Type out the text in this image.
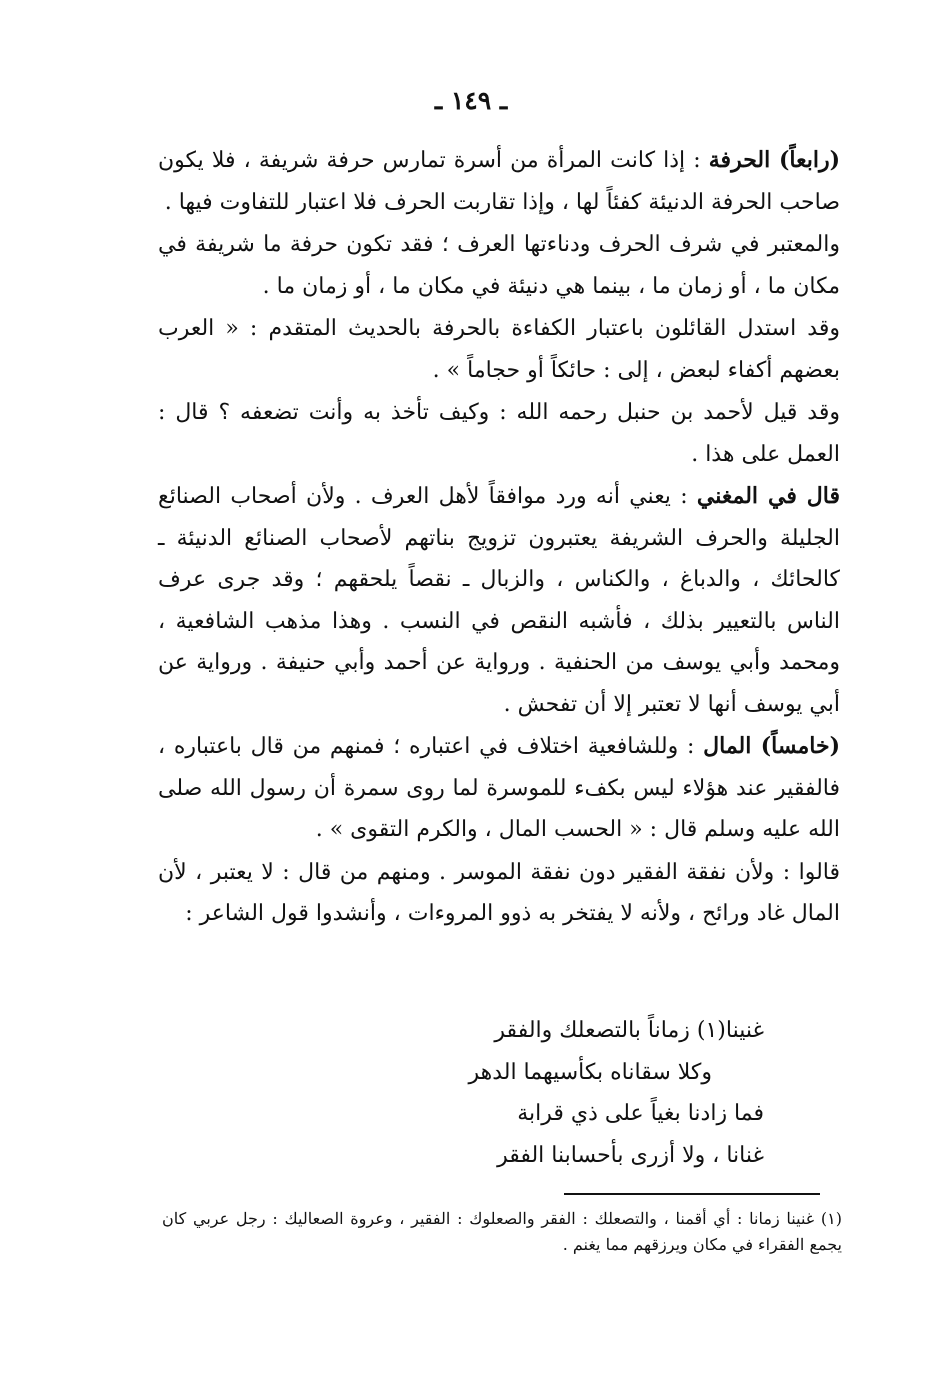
ـ ١٤٩ ـ

(رابعاً) الحرفة : إذا كانت المرأة من أسرة تمارس حرفة شريفة ، فلا يكون صاحب الحرفة الدنيئة كفئاً لها ، وإذا تقاربت الحرف فلا اعتبار للتفاوت فيها .

والمعتبر في شرف الحرف ودناءتها العرف ؛ فقد تكون حرفة ما شريفة في مكان ما ، أو زمان ما ، بينما هي دنيئة في مكان ما ، أو زمان ما .

وقد استدل القائلون باعتبار الكفاءة بالحرفة بالحديث المتقدم : « العرب بعضهم أكفاء لبعض ، إلى : حائكاً أو حجاماً » .

وقد قيل لأحمد بن حنبل رحمه الله : وكيف تأخذ به وأنت تضعفه ؟ قال : العمل على هذا .

قال في المغني : يعني أنه ورد موافقاً لأهل العرف . ولأن أصحاب الصنائع الجليلة والحرف الشريفة يعتبرون تزويج بناتهم لأصحاب الصنائع الدنيئة ـ كالحائك ، والدباغ ، والكناس ، والزبال ـ نقصاً يلحقهم ؛ وقد جرى عرف الناس بالتعيير بذلك ، فأشبه النقص في النسب . وهذا مذهب الشافعية ، ومحمد وأبي يوسف من الحنفية . ورواية عن أحمد وأبي حنيفة . ورواية عن أبي يوسف أنها لا تعتبر إلا أن تفحش .

(خامساً) المال : وللشافعية اختلاف في اعتباره ؛ فمنهم من قال باعتباره ، فالفقير عند هؤلاء ليس بكفء للموسرة لما روى سمرة أن رسول الله صلى الله عليه وسلم قال : « الحسب المال ، والكرم التقوى » .

قالوا : ولأن نفقة الفقير دون نفقة الموسر . ومنهم من قال : لا يعتبر ، لأن المال غاد ورائح ، ولأنه لا يفتخر به ذوو المروءات ، وأنشدوا قول الشاعر :

غنينا(١) زماناً بالتصعلك والفقر
وكلا سقاناه بكأسيهما الدهر
فما زادنا بغياً على ذي قرابة
غنانا ، ولا أزرى بأحسابنا الفقر

(١) غنينا زمانا : أي أقمنا ، والتصعلك : الفقر والصعلوك : الفقير ، وعروة الصعاليك : رجل عربي كان يجمع الفقراء في مكان ويرزقهم مما يغنم .
